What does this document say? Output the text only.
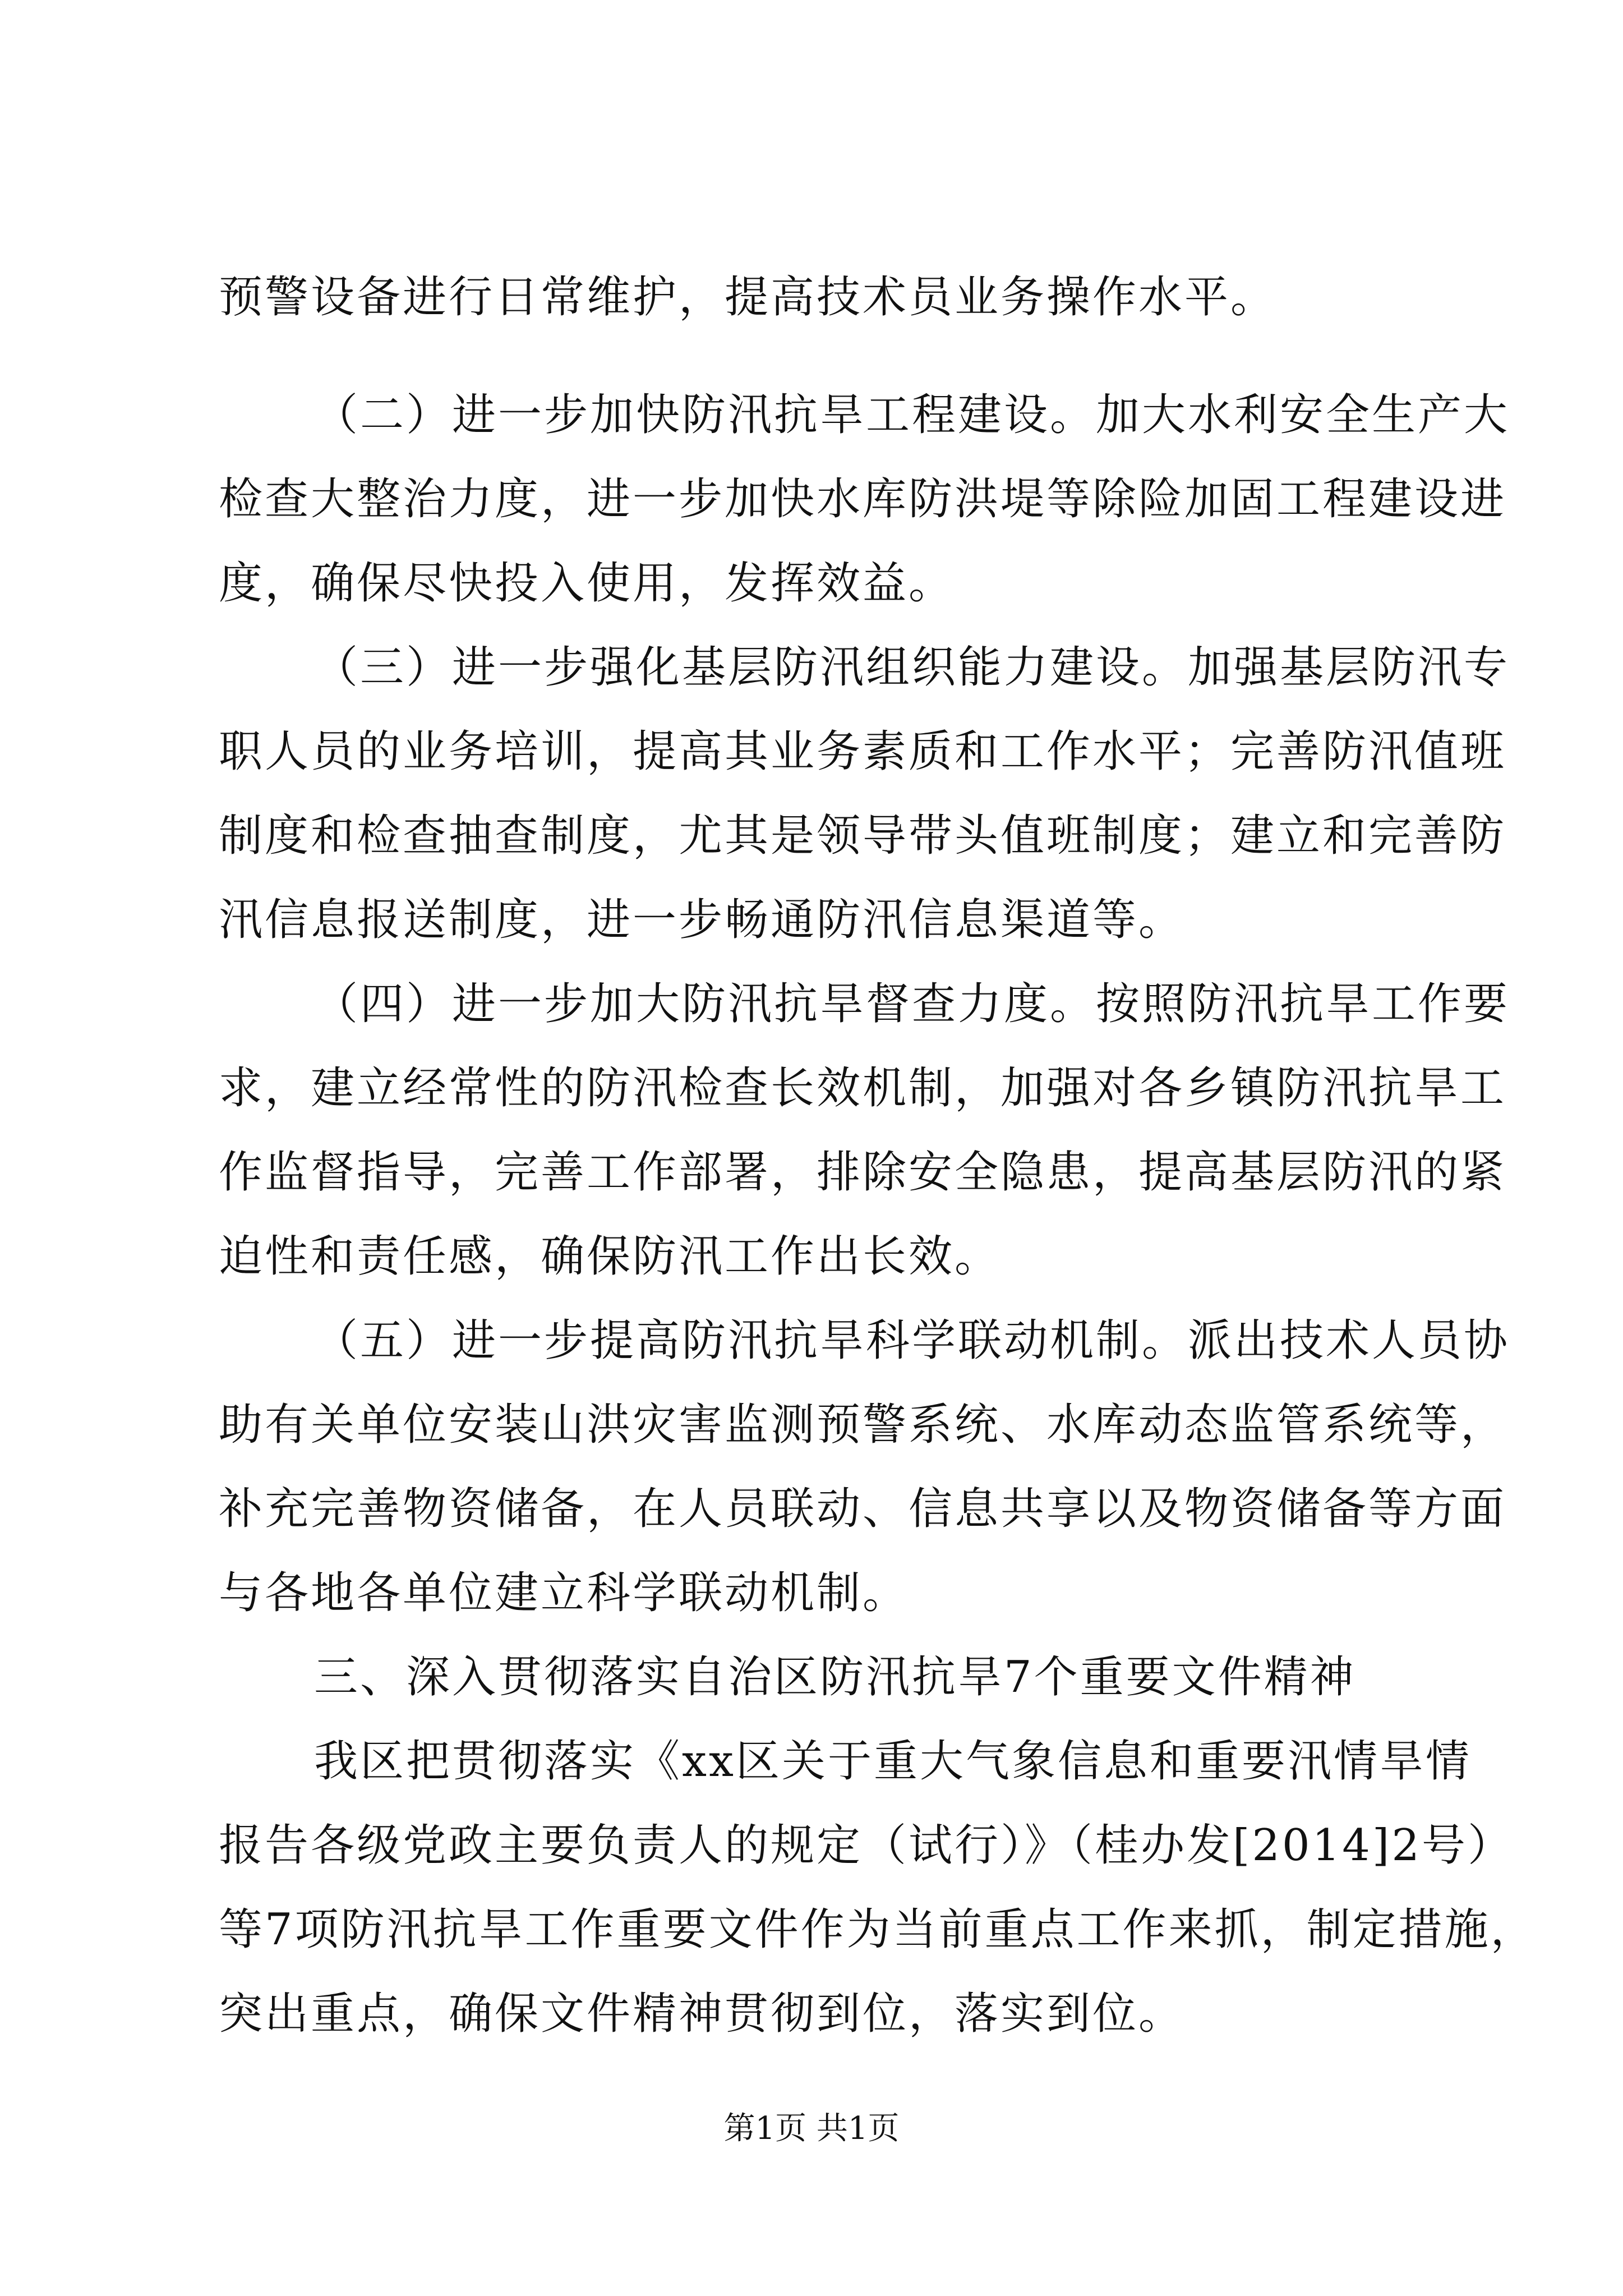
预警设备进行日常维护，提高技术员业务操作水平。
（二）进一步加快防汛抗旱工程建设。加大水利安全生产大
检查大整治力度，进一步加快水库防洪堤等除险加固工程建设进
度，确保尽快投入使用，发挥效益。
（三）进一步强化基层防汛组织能力建设。加强基层防汛专
职人员的业务培训，提高其业务素质和工作水平；完善防汛值班
制度和检查抽查制度，尤其是领导带头值班制度；建立和完善防
汛信息报送制度，进一步畅通防汛信息渠道等。
（四）进一步加大防汛抗旱督查力度。按照防汛抗旱工作要
求，建立经常性的防汛检查长效机制，加强对各乡镇防汛抗旱工
作监督指导，完善工作部署，排除安全隐患，提高基层防汛的紧
迫性和责任感，确保防汛工作出长效。
（五）进一步提高防汛抗旱科学联动机制。派出技术人员协
助有关单位安装山洪灾害监测预警系统、水库动态监管系统等，
补充完善物资储备，在人员联动、信息共享以及物资储备等方面
与各地各单位建立科学联动机制。
三、深入贯彻落实自治区防汛抗旱7个重要文件精神
我区把贯彻落实《xx区关于重大气象信息和重要汛情旱情
报告各级党政主要负责人的规定（试行）》（桂办发[2014]2号）
等7项防汛抗旱工作重要文件作为当前重点工作来抓，制定措施，
突出重点，确保文件精神贯彻到位，落实到位。
第1页 共1页
